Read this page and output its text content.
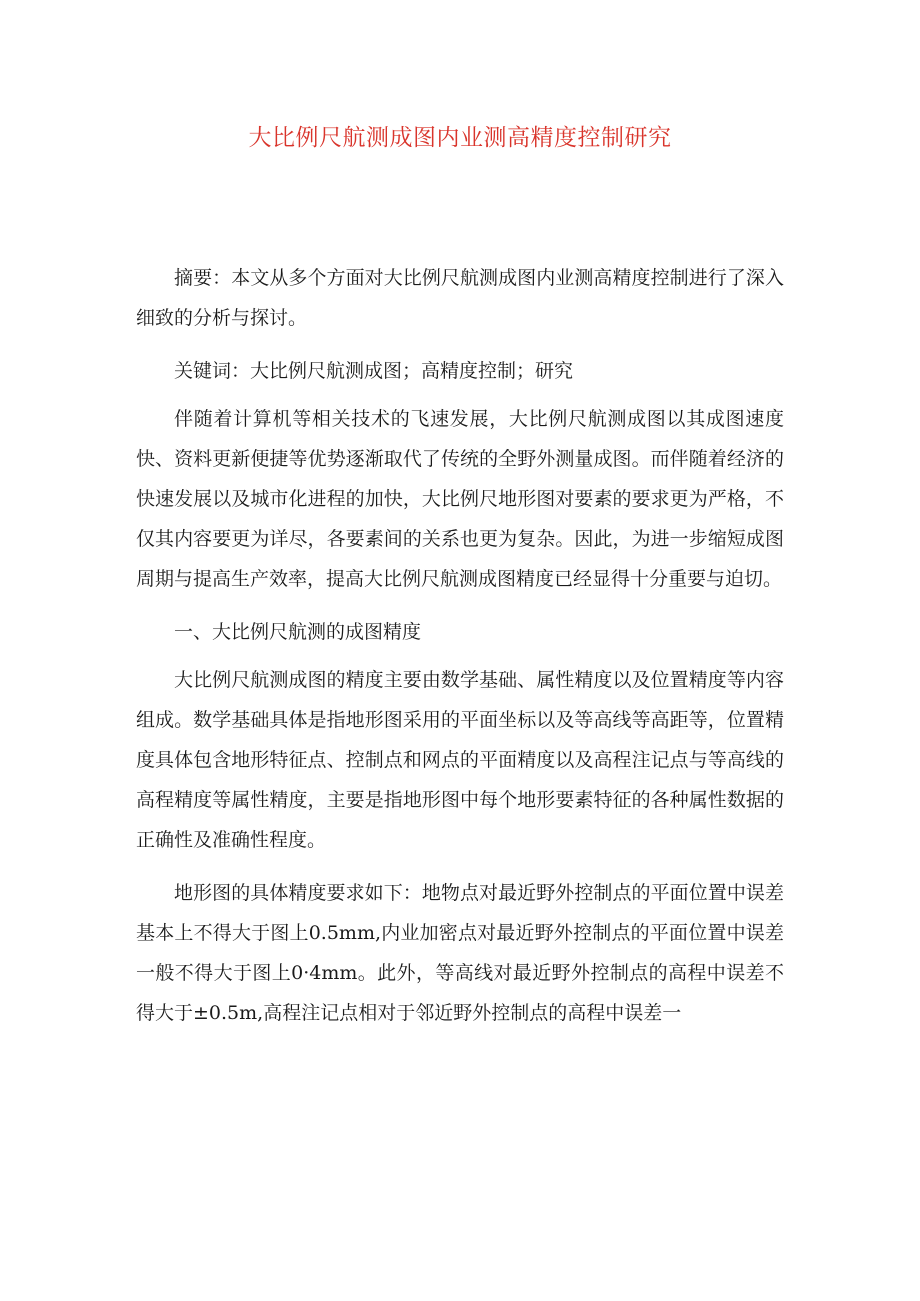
大比例尺航测成图内业测高精度控制研究

摘要：本文从多个方面对大比例尺航测成图内业测高精度控制进行了深入细致的分析与探讨。

关键词：大比例尺航测成图；高精度控制；研究

伴随着计算机等相关技术的飞速发展，大比例尺航测成图以其成图速度快、资料更新便捷等优势逐渐取代了传统的全野外测量成图。而伴随着经济的快速发展以及城市化进程的加快，大比例尺地形图对要素的要求更为严格，不仅其内容要更为详尽，各要素间的关系也更为复杂。因此，为进一步缩短成图周期与提高生产效率，提高大比例尺航测成图精度已经显得十分重要与迫切。

一、大比例尺航测的成图精度

大比例尺航测成图的精度主要由数学基础、属性精度以及位置精度等内容组成。数学基础具体是指地形图采用的平面坐标以及等高线等高距等，位置精度具体包含地形特征点、控制点和网点的平面精度以及高程注记点与等高线的高程精度等属性精度，主要是指地形图中每个地形要素特征的各种属性数据的正确性及准确性程度。

地形图的具体精度要求如下：地物点对最近野外控制点的平面位置中误差基本上不得大于图上0.5mm,内业加密点对最近野外控制点的平面位置中误差一般不得大于图上0·4mm。此外，等高线对最近野外控制点的高程中误差不得大于±0.5m,高程注记点相对于邻近野外控制点的高程中误差一
